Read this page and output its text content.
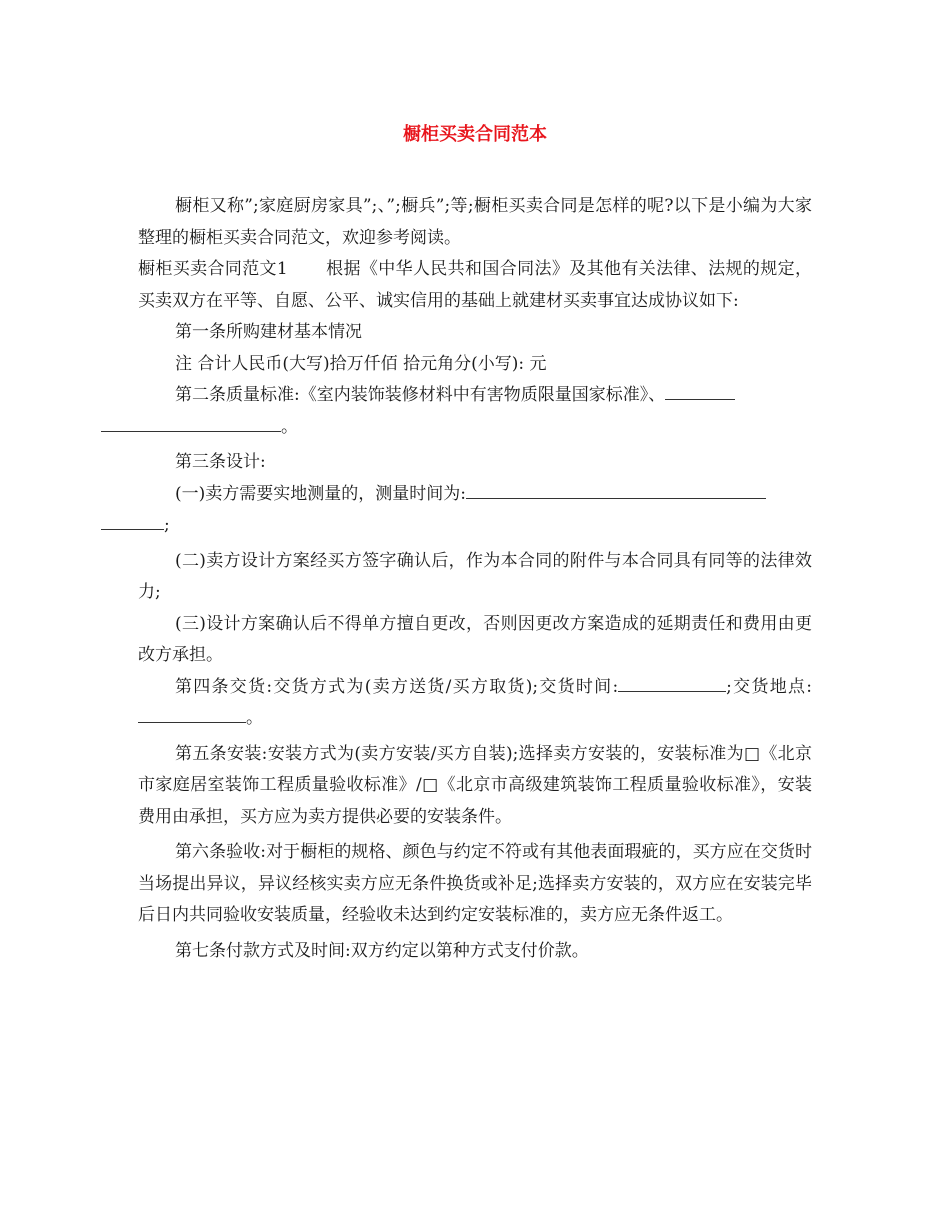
橱柜买卖合同范本

橱柜又称”;家庭厨房家具”;、”;橱兵”;等;橱柜买卖合同是怎样的呢?以下是小编为大家整理的橱柜买卖合同范文，欢迎参考阅读。

橱柜买卖合同范文1 根据《中华人民共和国合同法》及其他有关法律、法规的规定，买卖双方在平等、自愿、公平、诚实信用的基础上就建材买卖事宜达成协议如下:

第一条所购建材基本情况

注 合计人民币(大写)拾万仟佰 拾元角分(小写): 元

第二条质量标准:《室内装饰装修材料中有害物质限量国家标准》、
。

第三条设计:

(一)卖方需要实地测量的，测量时间为:
;

(二)卖方设计方案经买方签字确认后，作为本合同的附件与本合同具有同等的法律效力;

(三)设计方案确认后不得单方擅自更改，否则因更改方案造成的延期责任和费用由更改方承担。

第四条交货:交货方式为(卖方送货/买方取货);交货时间:	;交货地点:。

第五条安装:安装方式为(卖方安装/买方自装);选择卖方安装的，安装标准为□《北京市家庭居室装饰工程质量验收标准》/□《北京市高级建筑装饰工程质量验收标准》，安装费用由承担，买方应为卖方提供必要的安装条件。

第六条验收:对于橱柜的规格、颜色与约定不符或有其他表面瑕疵的，买方应在交货时当场提出异议，异议经核实卖方应无条件换货或补足;选择卖方安装的，双方应在安装完毕后日内共同验收安装质量，经验收未达到约定安装标准的，卖方应无条件返工。

第七条付款方式及时间:双方约定以第种方式支付价款。
